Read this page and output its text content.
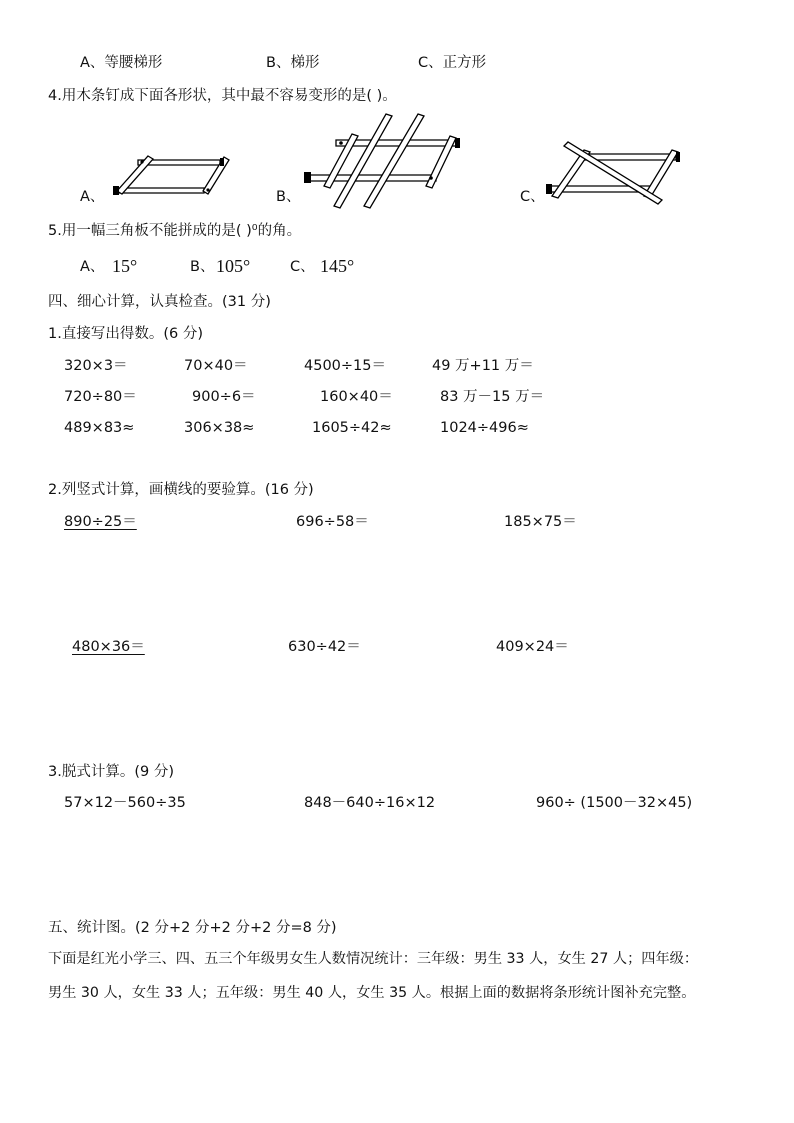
A、等腰梯形	B、梯形	C、正方形
4.用木条钉成下面各形状，其中最不容易变形的是( )。
A、	B、	C、
5.用一幅三角板不能拼成的是( )⁰的角。
A、 15°	B、 105°	C、 145°
四、细心计算，认真检查。(31 分)
1.直接写出得数。(6 分)
320×3＝	70×40＝	4500÷15＝	49 万+11 万＝
720÷80＝	900÷6＝	160×40＝	83 万－15 万＝
489×83≈	306×38≈	1605÷42≈	1024÷496≈
2.列竖式计算，画横线的要验算。(16 分)
890÷25＝	696÷58＝	185×75＝
480×36＝	630÷42＝	409×24＝
3.脱式计算。(9 分)
57×12－560÷35	848－640÷16×12	960÷ (1500－32×45)
五、统计图。(2 分+2 分+2 分+2 分=8 分)
下面是红光小学三、四、五三个年级男女生人数情况统计：三年级：男生 33 人，女生 27 人；四年级：
男生 30 人，女生 33 人；五年级：男生 40 人，女生 35 人。根据上面的数据将条形统计图补充完整。
